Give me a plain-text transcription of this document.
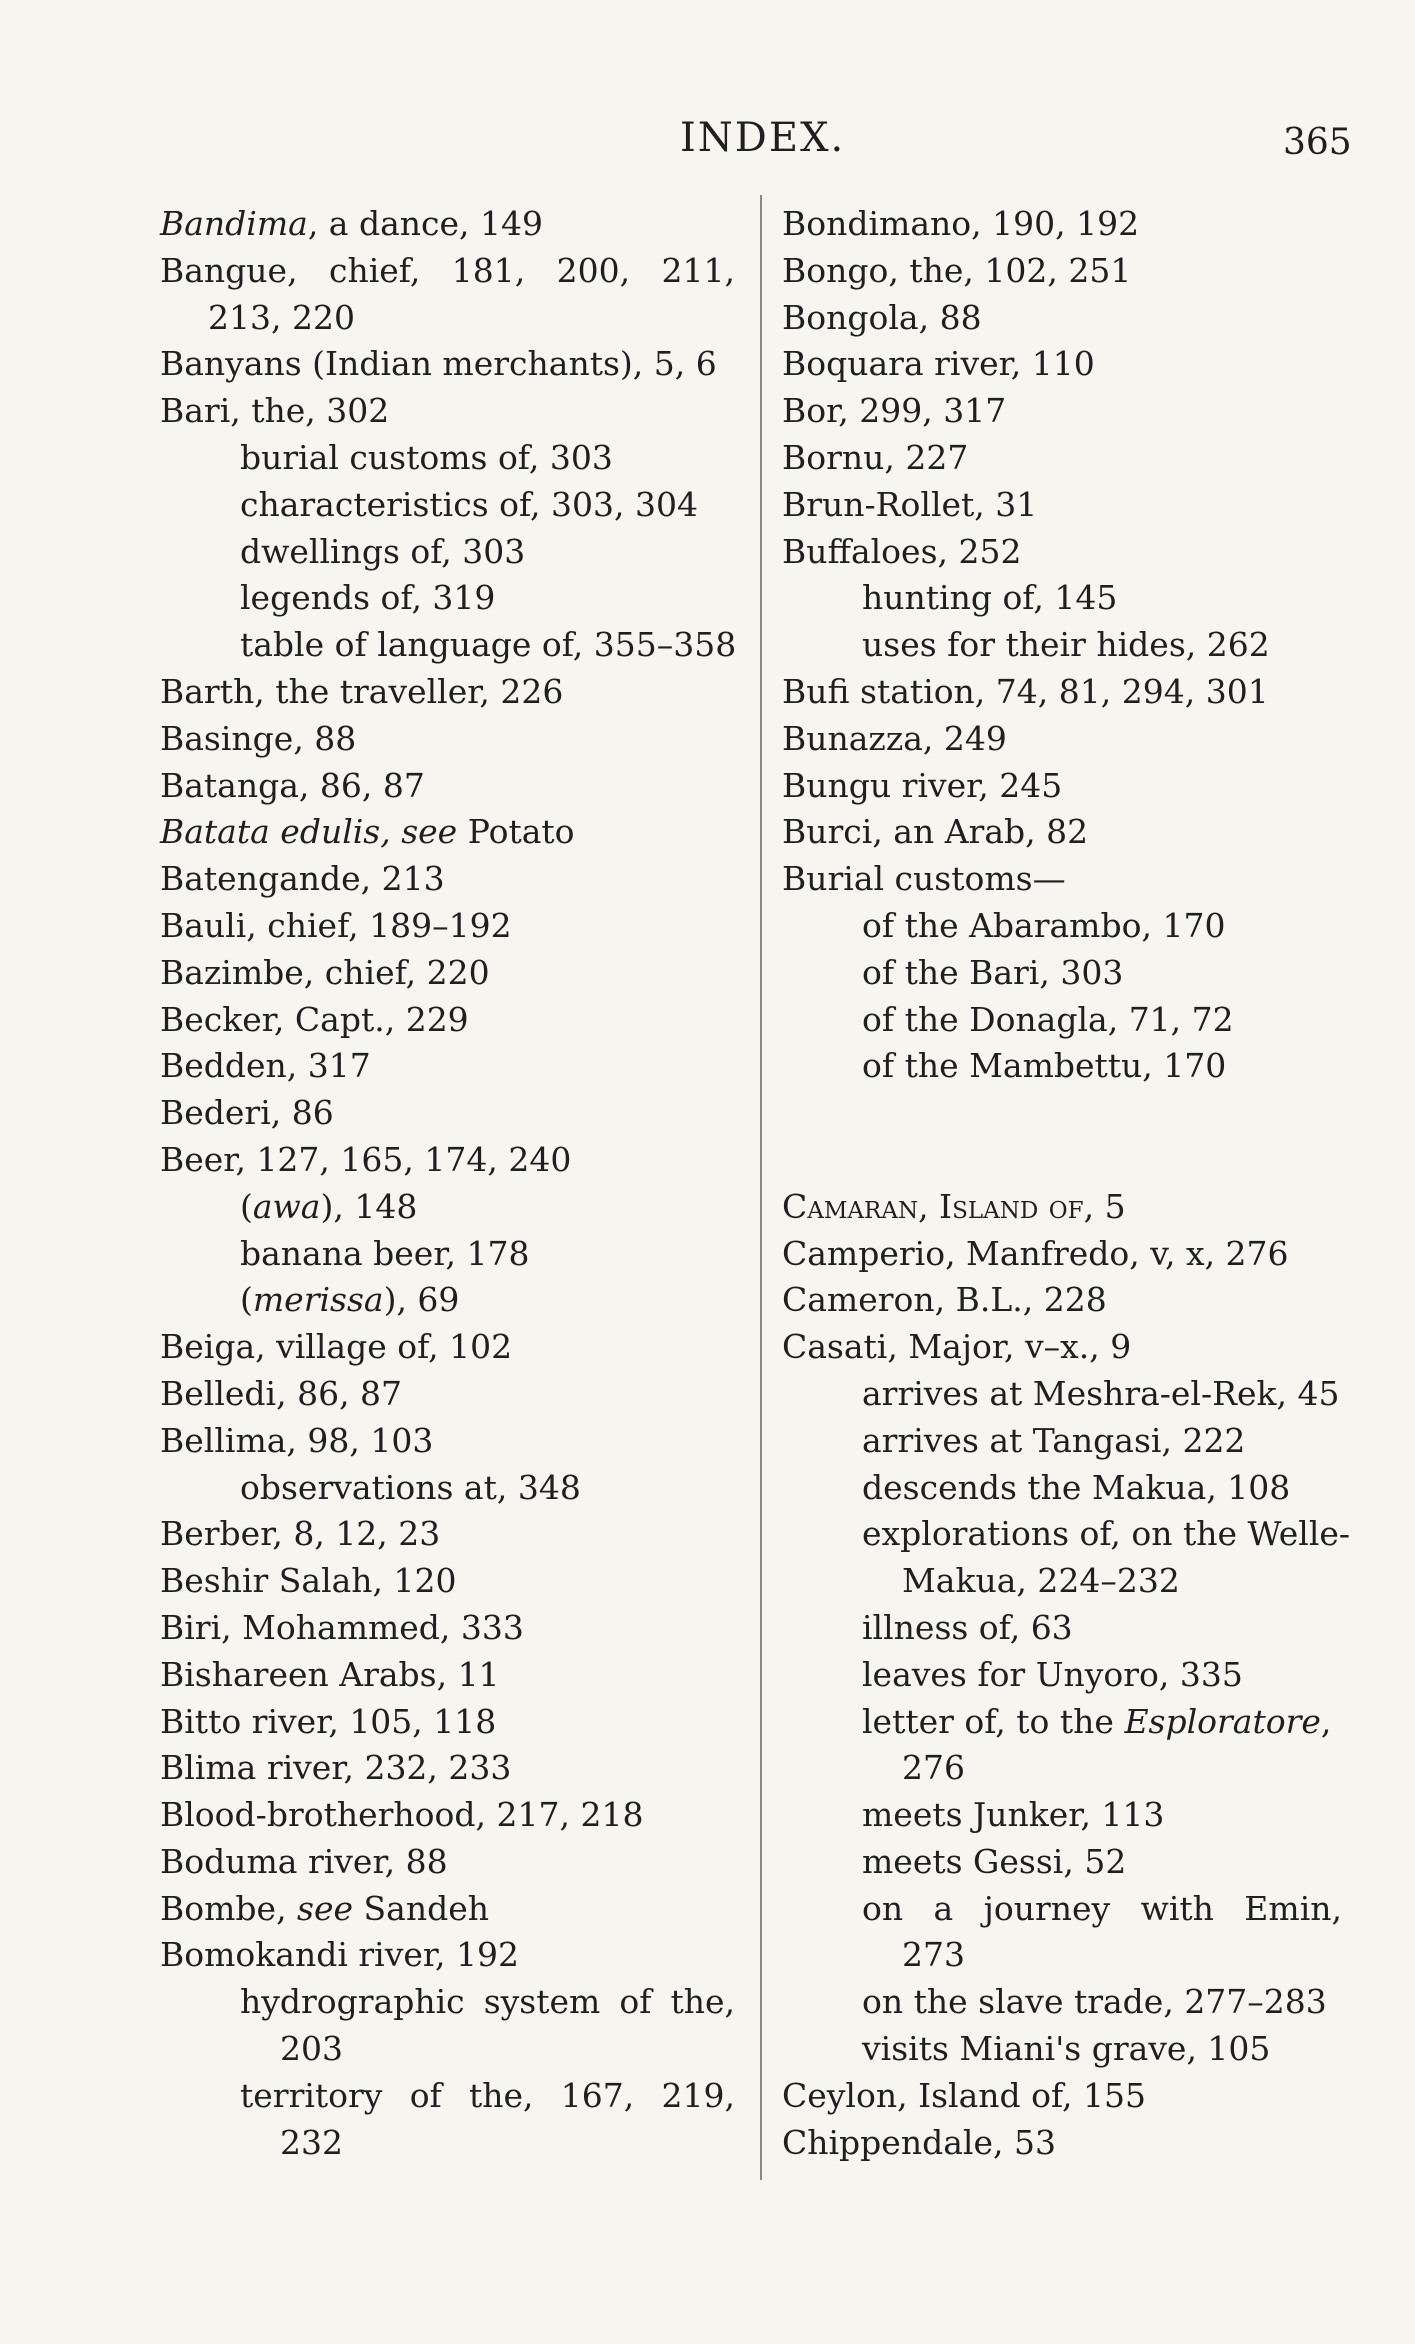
INDEX.	365
Bandima, a dance, 149
Bangue, chief, 181, 200, 211,
213, 220
Banyans (Indian merchants), 5, 6
Bari, the, 302
burial customs of, 303
characteristics of, 303, 304
dwellings of, 303
legends of, 319
table of language of, 355–358
Barth, the traveller, 226
Basinge, 88
Batanga, 86, 87
Batata edulis, see Potato
Batengande, 213
Bauli, chief, 189–192
Bazimbe, chief, 220
Becker, Capt., 229
Bedden, 317
Bederi, 86
Beer, 127, 165, 174, 240
(awa), 148
banana beer, 178
(merissa), 69
Beiga, village of, 102
Belledi, 86, 87
Bellima, 98, 103
observations at, 348
Berber, 8, 12, 23
Beshir Salah, 120
Biri, Mohammed, 333
Bishareen Arabs, 11
Bitto river, 105, 118
Blima river, 232, 233
Blood-brotherhood, 217, 218
Boduma river, 88
Bombe, see Sandeh
Bomokandi river, 192
hydrographic system of the,
203
territory of the, 167, 219,
232
Bondimano, 190, 192
Bongo, the, 102, 251
Bongola, 88
Boquara river, 110
Bor, 299, 317
Bornu, 227
Brun-Rollet, 31
Buffaloes, 252
hunting of, 145
uses for their hides, 262
Bufi station, 74, 81, 294, 301
Bunazza, 249
Bungu river, 245
Burci, an Arab, 82
Burial customs—
of the Abarambo, 170
of the Bari, 303
of the Donagla, 71, 72
of the Mambettu, 170
Camaran, Island of, 5
Camperio, Manfredo, v, x, 276
Cameron, B.L., 228
Casati, Major, v–x., 9
arrives at Meshra-el-Rek, 45
arrives at Tangasi, 222
descends the Makua, 108
explorations of, on the Welle-
Makua, 224–232
illness of, 63
leaves for Unyoro, 335
letter of, to the Esploratore,
276
meets Junker, 113
meets Gessi, 52
on a journey with Emin,
273
on the slave trade, 277–283
visits Miani's grave, 105
Ceylon, Island of, 155
Chippendale, 53
